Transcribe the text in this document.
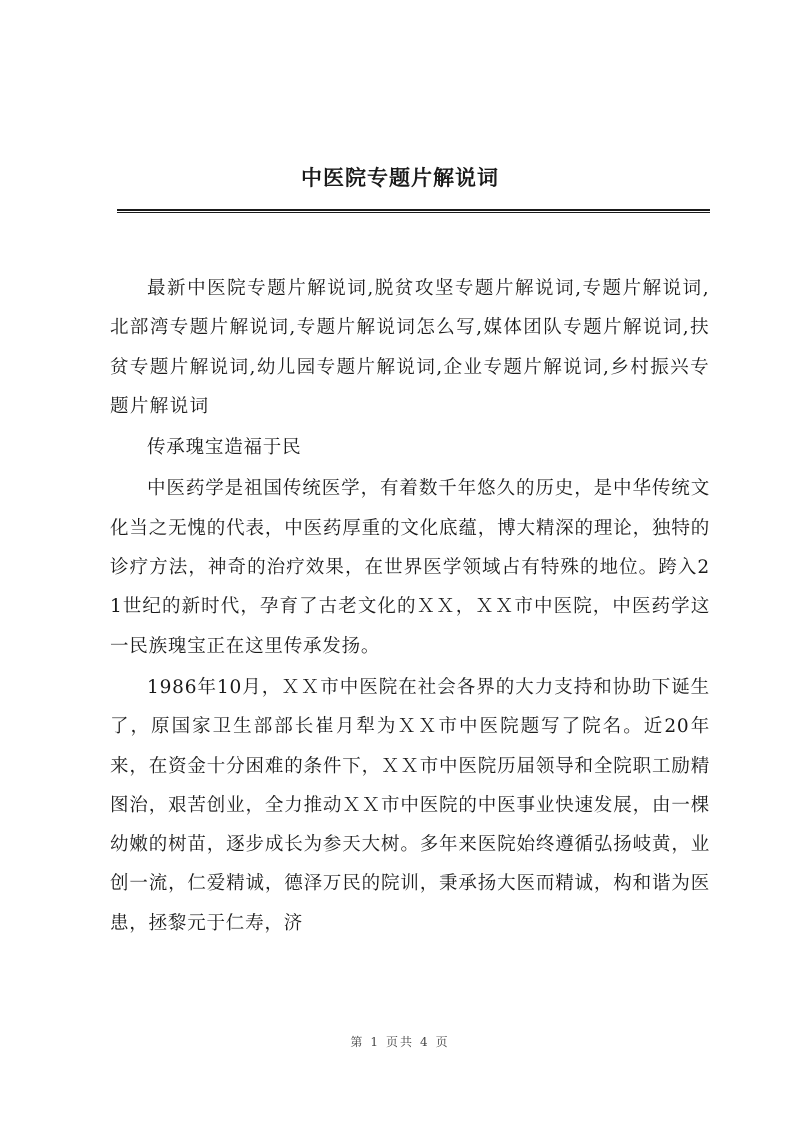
中医院专题片解说词

最新中医院专题片解说词,脱贫攻坚专题片解说词,专题片解说词,北部湾专题片解说词,专题片解说词怎么写,媒体团队专题片解说词,扶贫专题片解说词,幼儿园专题片解说词,企业专题片解说词,乡村振兴专题片解说词

传承瑰宝造福于民

中医药学是祖国传统医学，有着数千年悠久的历史，是中华传统文化当之无愧的代表，中医药厚重的文化底蕴，博大精深的理论，独特的诊疗方法，神奇的治疗效果，在世界医学领域占有特殊的地位。跨入21世纪的新时代，孕育了古老文化的ＸＸ，ＸＸ市中医院，中医药学这一民族瑰宝正在这里传承发扬。

1986年10月，ＸＸ市中医院在社会各界的大力支持和协助下诞生了，原国家卫生部部长崔月犁为ＸＸ市中医院题写了院名。近20年来，在资金十分困难的条件下，ＸＸ市中医院历届领导和全院职工励精图治，艰苦创业，全力推动ＸＸ市中医院的中医事业快速发展，由一棵幼嫩的树苗，逐步成长为参天大树。多年来医院始终遵循弘扬岐黄，业创一流，仁爱精诚，德泽万民的院训，秉承扬大医而精诚，构和谐为医患，拯黎元于仁寿，济

第 1 页共 4 页
